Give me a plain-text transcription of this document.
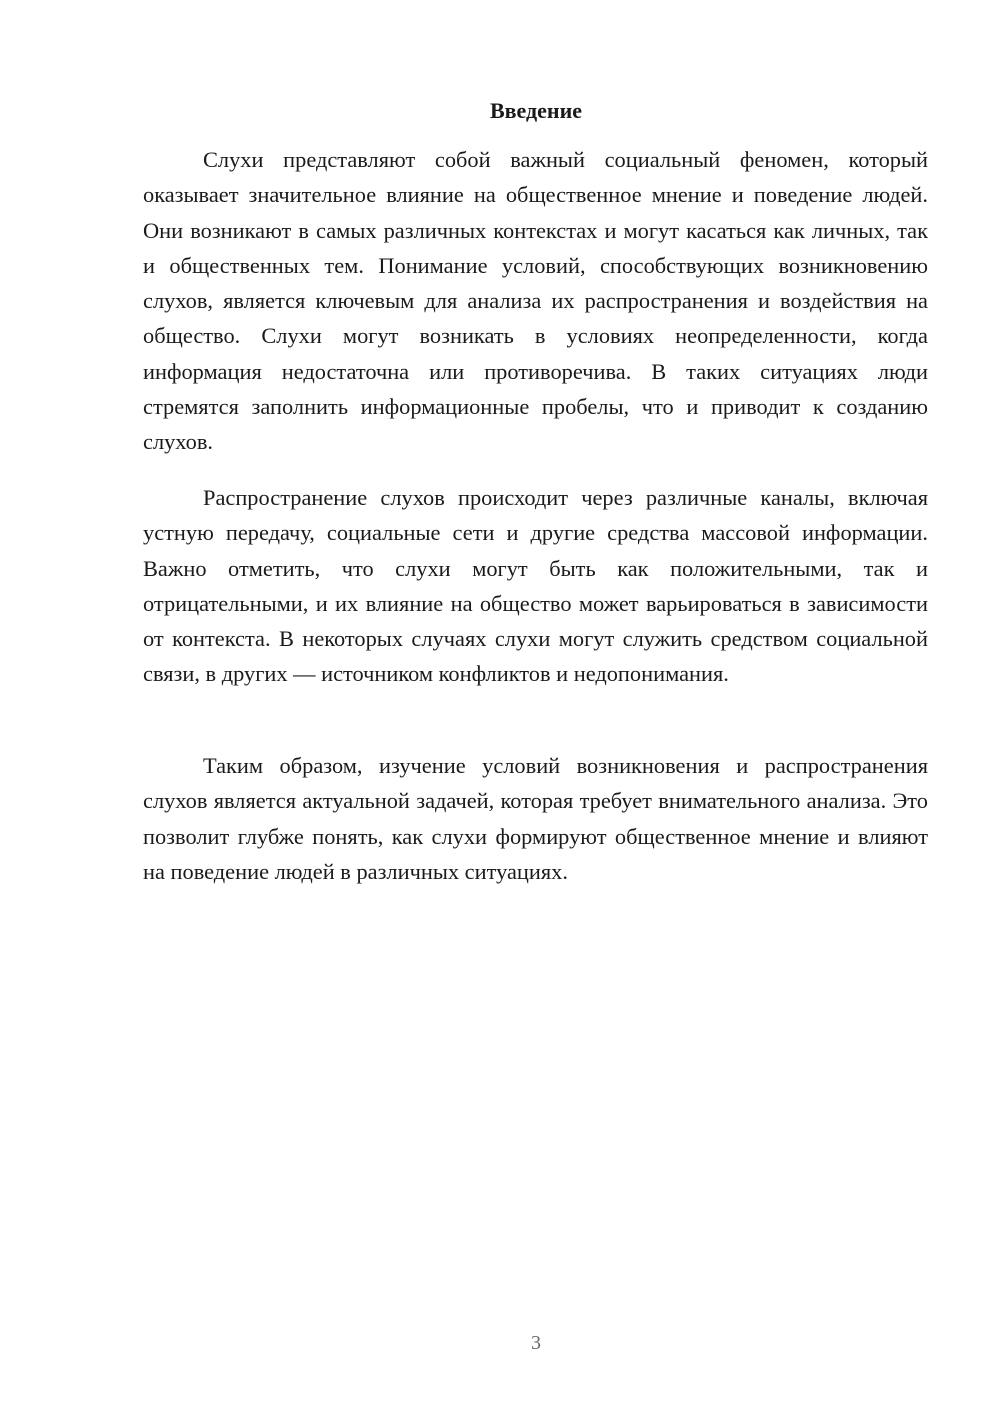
Введение

Слухи представляют собой важный социальный феномен, который оказывает значительное влияние на общественное мнение и поведение людей. Они возникают в самых различных контекстах и могут касаться как личных, так и общественных тем. Понимание условий, способствующих возникновению слухов, является ключевым для анализа их распространения и воздействия на общество. Слухи могут возникать в условиях неопределенности, когда информация недостаточна или противоречива. В таких ситуациях люди стремятся заполнить информационные пробелы, что и приводит к созданию слухов.

Распространение слухов происходит через различные каналы, включая устную передачу, социальные сети и другие средства массовой информации. Важно отметить, что слухи могут быть как положительными, так и отрицательными, и их влияние на общество может варьироваться в зависимости от контекста. В некоторых случаях слухи могут служить средством социальной связи, в других — источником конфликтов и недопонимания.

Таким образом, изучение условий возникновения и распространения слухов является актуальной задачей, которая требует внимательного анализа. Это позволит глубже понять, как слухи формируют общественное мнение и влияют на поведение людей в различных ситуациях.

3
